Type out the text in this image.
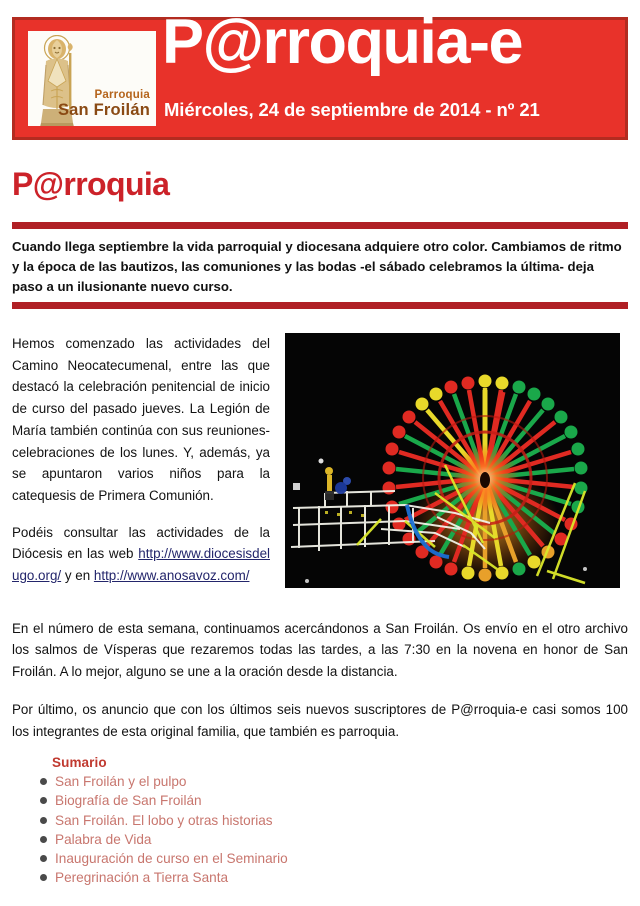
Parroquia
San Froilán
P@rroquia-e
Miércoles, 24 de septiembre de 2014 - nº 21
P@rroquia
Cuando llega septiembre la vida parroquial y diocesana adquiere otro color. Cambiamos de ritmo y la época de las bautizos, las comuniones y las bodas -el sábado celebramos la última- deja paso a un ilusionante nuevo curso.

Hemos comenzado las actividades del Camino Neocatecumenal, entre las que destacó la celebración penitencial de inicio de curso del pasado jueves. La Legión de María también continúa con sus reuniones-celebraciones de los lunes. Y, además, ya se apuntaron varios niños para la catequesis de Primera Comunión.

Podéis consultar las actividades de la Diócesis en las web http://www.diocesisdelugo.org/ y en http://www.anosavoz.com/

En el número de esta semana, continuamos acercándonos a San Froilán. Os envío en el otro archivo los salmos de Vísperas que rezaremos todas las tardes, a las 7:30 en la novena en honor de San Froilán. A lo mejor, alguno se une a la oración desde la distancia.

Por último, os anuncio que con los últimos seis nuevos suscriptores de P@rroquia-e casi somos 100 los integrantes de esta original familia, que también es parroquia.

Sumario
San Froilán y el pulpo
Biografía de San Froilán
San Froilán. El lobo y otras historias
Palabra de Vida
Inauguración de curso en el Seminario
Peregrinación a Tierra Santa
